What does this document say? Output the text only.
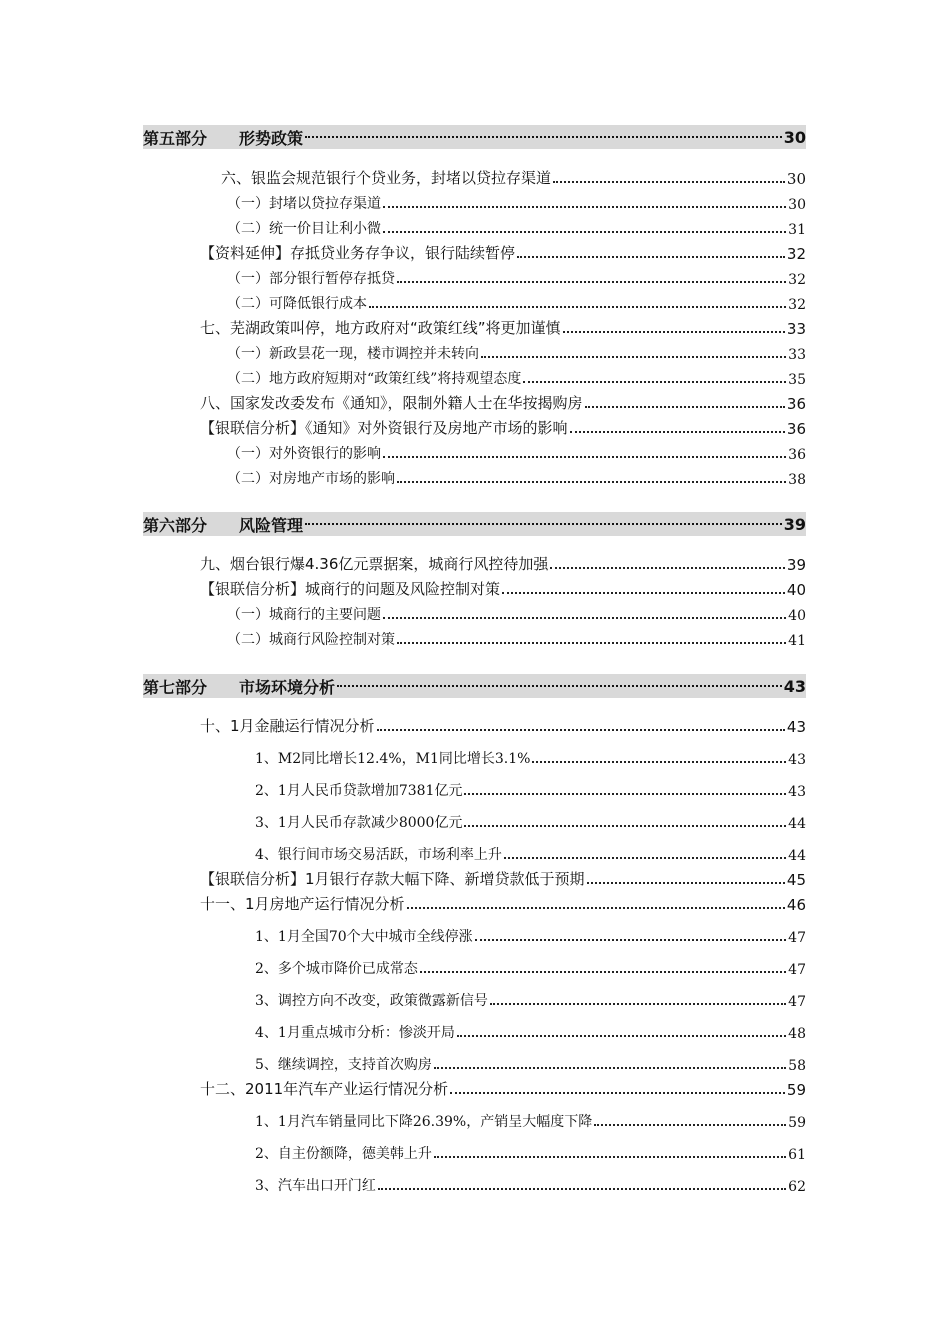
第五部分 形势政策	30
六、银监会规范银行个贷业务，封堵以贷拉存渠道	30
（一）封堵以贷拉存渠道	30
（二）统一价目让利小微	31
【资料延伸】存抵贷业务存争议，银行陆续暂停	32
（一）部分银行暂停存抵贷	32
（二）可降低银行成本	32
七、芜湖政策叫停，地方政府对“政策红线”将更加谨慎	33
（一）新政昙花一现，楼市调控并未转向	33
（二）地方政府短期对“政策红线”将持观望态度	35
八、国家发改委发布《通知》，限制外籍人士在华按揭购房	36
【银联信分析】《通知》对外资银行及房地产市场的影响	36
（一）对外资银行的影响	36
（二）对房地产市场的影响	38
第六部分 风险管理	39
九、烟台银行爆4.36亿元票据案，城商行风控待加强	39
【银联信分析】城商行的问题及风险控制对策	40
（一）城商行的主要问题	40
（二）城商行风险控制对策	41
第七部分 市场环境分析	43
十、1月金融运行情况分析	43
1、M2同比增长12.4%，M1同比增长3.1%	43
2、1月人民币贷款增加7381亿元	43
3、1月人民币存款减少8000亿元	44
4、银行间市场交易活跃，市场利率上升	44
【银联信分析】1月银行存款大幅下降、新增贷款低于预期	45
十一、1月房地产运行情况分析	46
1、1月全国70个大中城市全线停涨	47
2、多个城市降价已成常态	47
3、调控方向不改变，政策微露新信号	47
4、1月重点城市分析：惨淡开局	48
5、继续调控，支持首次购房	58
十二、2011年汽车产业运行情况分析	59
1、1月汽车销量同比下降26.39%，产销呈大幅度下降	59
2、自主份额降，德美韩上升	61
3、汽车出口开门红	62
